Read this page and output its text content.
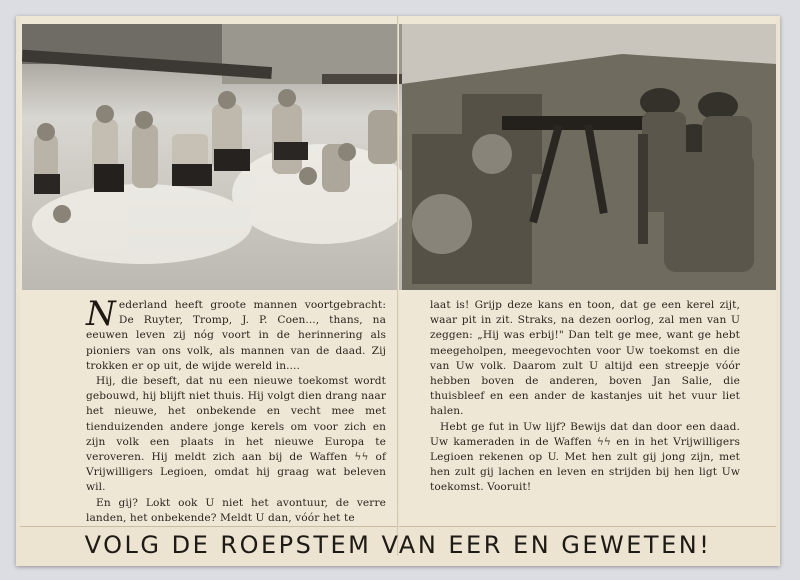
Nederland heeft groote mannen voortgebracht: De Ruyter, Tromp, J. P. Coen..., thans, na eeuwen leven zij nóg voort in de herinnering als pioniers van ons volk, als mannen van de daad. Zij trokken er op uit, de wijde wereld in....

Hij, die beseft, dat nu een nieuwe toekomst wordt gebouwd, hij blijft niet thuis. Hij volgt dien drang naar het nieuwe, het onbekende en vecht mee met tienduizenden andere jonge kerels om voor zich en zijn volk een plaats in het nieuwe Europa te veroveren. Hij meldt zich aan bij de Waffen ϟϟ of Vrijwilligers Legioen, omdat hij graag wat beleven wil.

En gij? Lokt ook U niet het avontuur, de verre landen, het onbekende? Meldt U dan, vóór het te

laat is! Grijp deze kans en toon, dat ge een kerel zijt, waar pit in zit. Straks, na dezen oorlog, zal men van U zeggen: „Hij was erbij!" Dan telt ge mee, want ge hebt meegeholpen, meegevochten voor Uw toekomst en die van Uw volk. Daarom zult U altijd een streepje vóór hebben boven de anderen, boven Jan Salie, die thuisbleef en een ander de kastanjes uit het vuur liet halen.

Hebt ge fut in Uw lijf? Bewijs dat dan door een daad. Uw kameraden in de Waffen ϟϟ en in het Vrijwilligers Legioen rekenen op U. Met hen zult gij jong zijn, met hen zult gij lachen en leven en strijden bij hen ligt Uw toekomst. Vooruit!

VOLG DE ROEPSTEM VAN EER EN GEWETEN!
